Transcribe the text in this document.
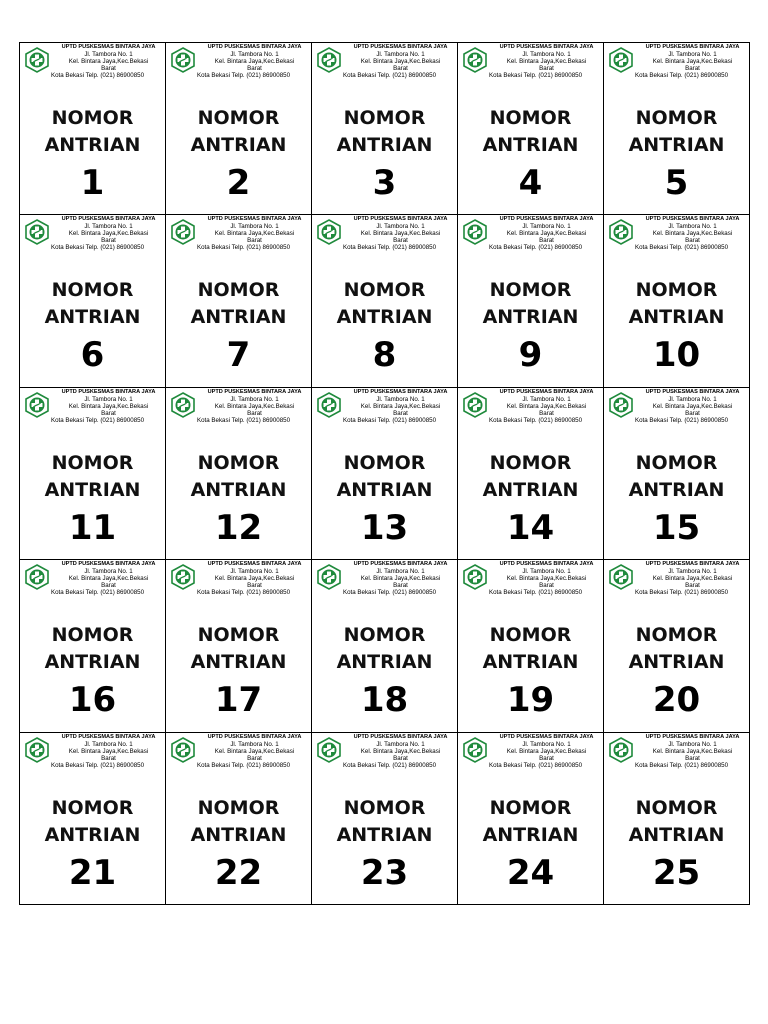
UPTD PUSKESMAS BINTARA JAYA
Jl. Tambora No. 1
Kel. Bintara Jaya,Kec.Bekasi
Barat
Kota Bekasi Telp. (021) 86900850
NOMOR
ANTRIAN
1
UPTD PUSKESMAS BINTARA JAYA
Jl. Tambora No. 1
Kel. Bintara Jaya,Kec.Bekasi
Barat
Kota Bekasi Telp. (021) 86900850
NOMOR
ANTRIAN
2
UPTD PUSKESMAS BINTARA JAYA
Jl. Tambora No. 1
Kel. Bintara Jaya,Kec.Bekasi
Barat
Kota Bekasi Telp. (021) 86900850
NOMOR
ANTRIAN
3
UPTD PUSKESMAS BINTARA JAYA
Jl. Tambora No. 1
Kel. Bintara Jaya,Kec.Bekasi
Barat
Kota Bekasi Telp. (021) 86900850
NOMOR
ANTRIAN
4
UPTD PUSKESMAS BINTARA JAYA
Jl. Tambora No. 1
Kel. Bintara Jaya,Kec.Bekasi
Barat
Kota Bekasi Telp. (021) 86900850
NOMOR
ANTRIAN
5
UPTD PUSKESMAS BINTARA JAYA
Jl. Tambora No. 1
Kel. Bintara Jaya,Kec.Bekasi
Barat
Kota Bekasi Telp. (021) 86900850
NOMOR
ANTRIAN
6
UPTD PUSKESMAS BINTARA JAYA
Jl. Tambora No. 1
Kel. Bintara Jaya,Kec.Bekasi
Barat
Kota Bekasi Telp. (021) 86900850
NOMOR
ANTRIAN
7
UPTD PUSKESMAS BINTARA JAYA
Jl. Tambora No. 1
Kel. Bintara Jaya,Kec.Bekasi
Barat
Kota Bekasi Telp. (021) 86900850
NOMOR
ANTRIAN
8
UPTD PUSKESMAS BINTARA JAYA
Jl. Tambora No. 1
Kel. Bintara Jaya,Kec.Bekasi
Barat
Kota Bekasi Telp. (021) 86900850
NOMOR
ANTRIAN
9
UPTD PUSKESMAS BINTARA JAYA
Jl. Tambora No. 1
Kel. Bintara Jaya,Kec.Bekasi
Barat
Kota Bekasi Telp. (021) 86900850
NOMOR
ANTRIAN
10
UPTD PUSKESMAS BINTARA JAYA
Jl. Tambora No. 1
Kel. Bintara Jaya,Kec.Bekasi
Barat
Kota Bekasi Telp. (021) 86900850
NOMOR
ANTRIAN
11
UPTD PUSKESMAS BINTARA JAYA
Jl. Tambora No. 1
Kel. Bintara Jaya,Kec.Bekasi
Barat
Kota Bekasi Telp. (021) 86900850
NOMOR
ANTRIAN
12
UPTD PUSKESMAS BINTARA JAYA
Jl. Tambora No. 1
Kel. Bintara Jaya,Kec.Bekasi
Barat
Kota Bekasi Telp. (021) 86900850
NOMOR
ANTRIAN
13
UPTD PUSKESMAS BINTARA JAYA
Jl. Tambora No. 1
Kel. Bintara Jaya,Kec.Bekasi
Barat
Kota Bekasi Telp. (021) 86900850
NOMOR
ANTRIAN
14
UPTD PUSKESMAS BINTARA JAYA
Jl. Tambora No. 1
Kel. Bintara Jaya,Kec.Bekasi
Barat
Kota Bekasi Telp. (021) 86900850
NOMOR
ANTRIAN
15
UPTD PUSKESMAS BINTARA JAYA
Jl. Tambora No. 1
Kel. Bintara Jaya,Kec.Bekasi
Barat
Kota Bekasi Telp. (021) 86900850
NOMOR
ANTRIAN
16
UPTD PUSKESMAS BINTARA JAYA
Jl. Tambora No. 1
Kel. Bintara Jaya,Kec.Bekasi
Barat
Kota Bekasi Telp. (021) 86900850
NOMOR
ANTRIAN
17
UPTD PUSKESMAS BINTARA JAYA
Jl. Tambora No. 1
Kel. Bintara Jaya,Kec.Bekasi
Barat
Kota Bekasi Telp. (021) 86900850
NOMOR
ANTRIAN
18
UPTD PUSKESMAS BINTARA JAYA
Jl. Tambora No. 1
Kel. Bintara Jaya,Kec.Bekasi
Barat
Kota Bekasi Telp. (021) 86900850
NOMOR
ANTRIAN
19
UPTD PUSKESMAS BINTARA JAYA
Jl. Tambora No. 1
Kel. Bintara Jaya,Kec.Bekasi
Barat
Kota Bekasi Telp. (021) 86900850
NOMOR
ANTRIAN
20
UPTD PUSKESMAS BINTARA JAYA
Jl. Tambora No. 1
Kel. Bintara Jaya,Kec.Bekasi
Barat
Kota Bekasi Telp. (021) 86900850
NOMOR
ANTRIAN
21
UPTD PUSKESMAS BINTARA JAYA
Jl. Tambora No. 1
Kel. Bintara Jaya,Kec.Bekasi
Barat
Kota Bekasi Telp. (021) 86900850
NOMOR
ANTRIAN
22
UPTD PUSKESMAS BINTARA JAYA
Jl. Tambora No. 1
Kel. Bintara Jaya,Kec.Bekasi
Barat
Kota Bekasi Telp. (021) 86900850
NOMOR
ANTRIAN
23
UPTD PUSKESMAS BINTARA JAYA
Jl. Tambora No. 1
Kel. Bintara Jaya,Kec.Bekasi
Barat
Kota Bekasi Telp. (021) 86900850
NOMOR
ANTRIAN
24
UPTD PUSKESMAS BINTARA JAYA
Jl. Tambora No. 1
Kel. Bintara Jaya,Kec.Bekasi
Barat
Kota Bekasi Telp. (021) 86900850
NOMOR
ANTRIAN
25
